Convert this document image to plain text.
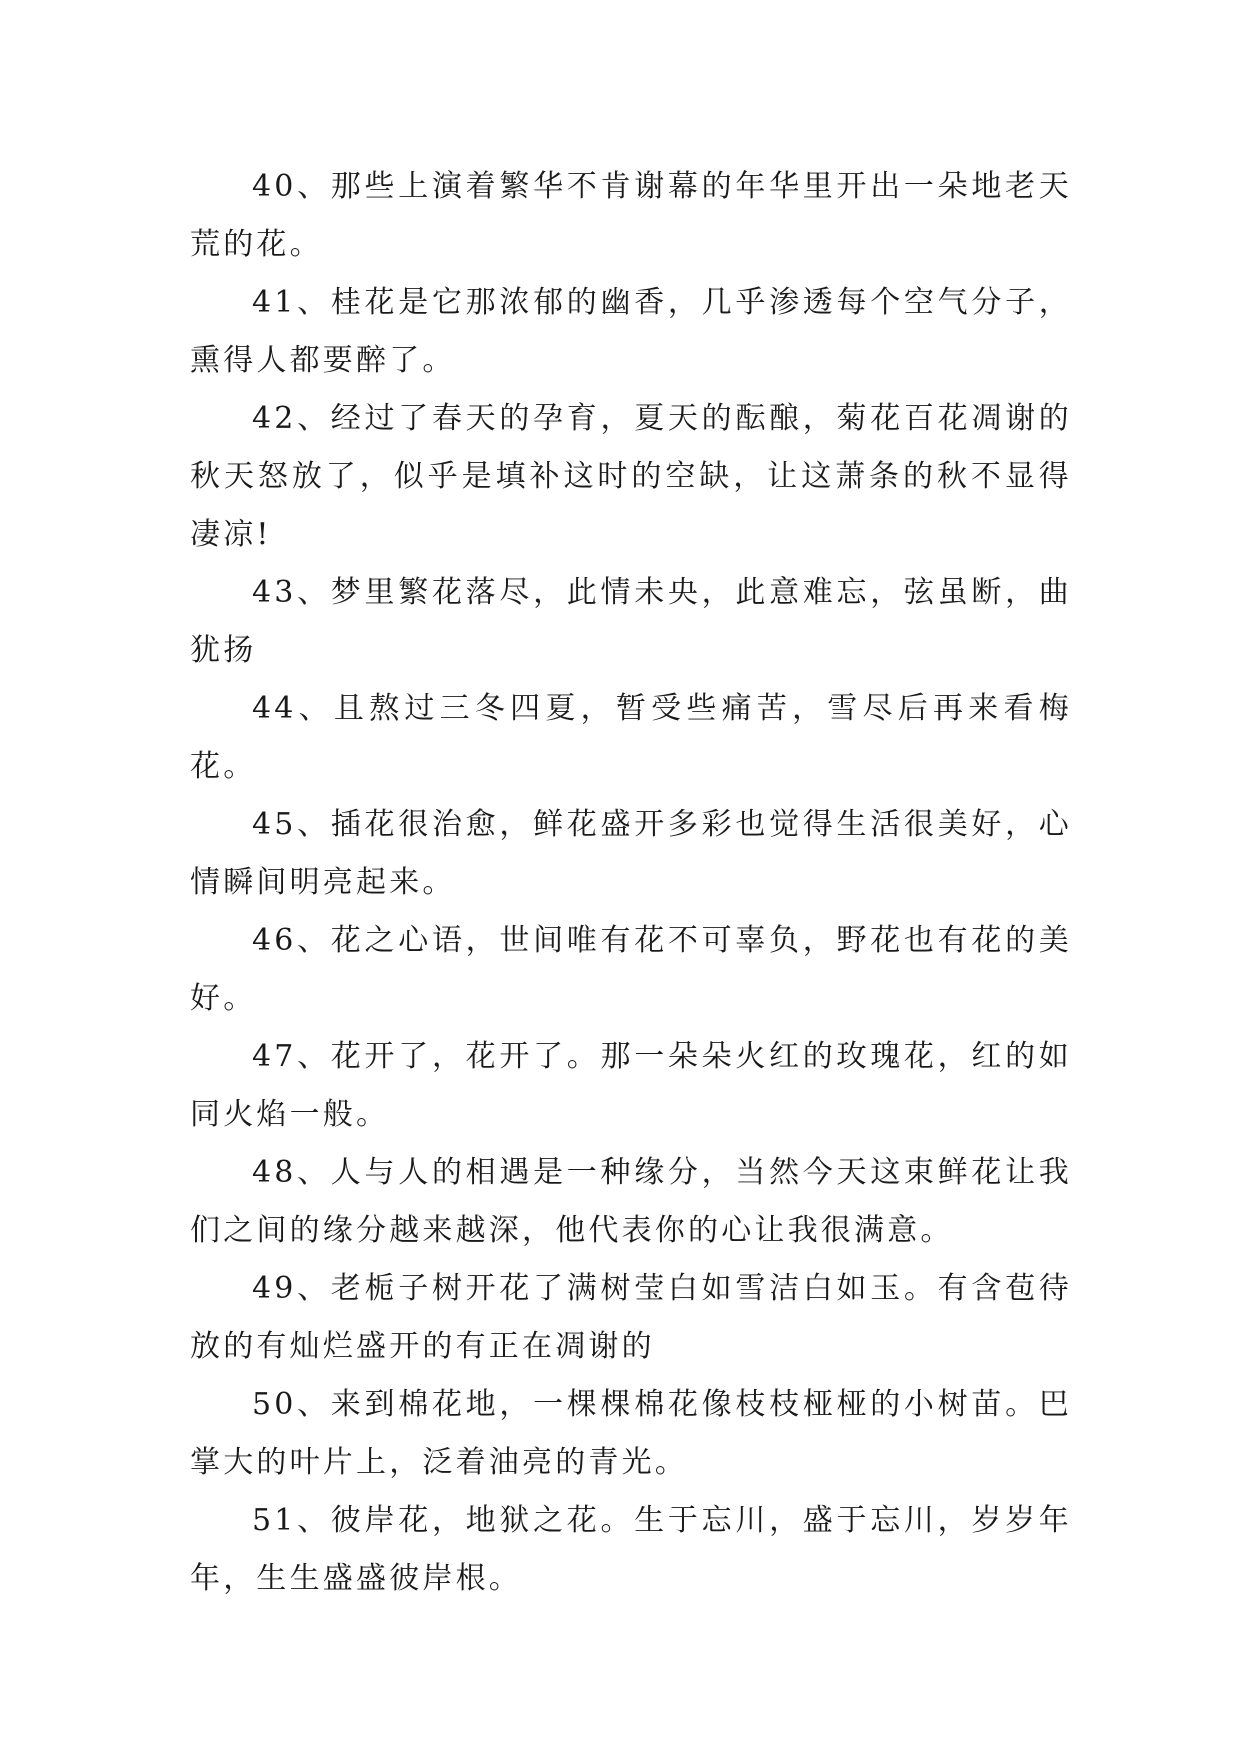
40、那些上演着繁华不肯谢幕的年华里开出一朵地老天荒的花。

41、桂花是它那浓郁的幽香，几乎渗透每个空气分子，熏得人都要醉了。

42、经过了春天的孕育，夏天的酝酿，菊花百花凋谢的秋天怒放了，似乎是填补这时的空缺，让这萧条的秋不显得凄凉!

43、梦里繁花落尽，此情未央，此意难忘，弦虽断，曲犹扬

44、且熬过三冬四夏，暂受些痛苦，雪尽后再来看梅花。

45、插花很治愈，鲜花盛开多彩也觉得生活很美好，心情瞬间明亮起来。

46、花之心语，世间唯有花不可辜负，野花也有花的美好。

47、花开了，花开了。那一朵朵火红的玫瑰花，红的如同火焰一般。

48、人与人的相遇是一种缘分，当然今天这束鲜花让我们之间的缘分越来越深，他代表你的心让我很满意。

49、老栀子树开花了满树莹白如雪洁白如玉。有含苞待放的有灿烂盛开的有正在凋谢的

50、来到棉花地，一棵棵棉花像枝枝桠桠的小树苗。巴掌大的叶片上，泛着油亮的青光。

51、彼岸花，地狱之花。生于忘川，盛于忘川，岁岁年年，生生盛盛彼岸根。
